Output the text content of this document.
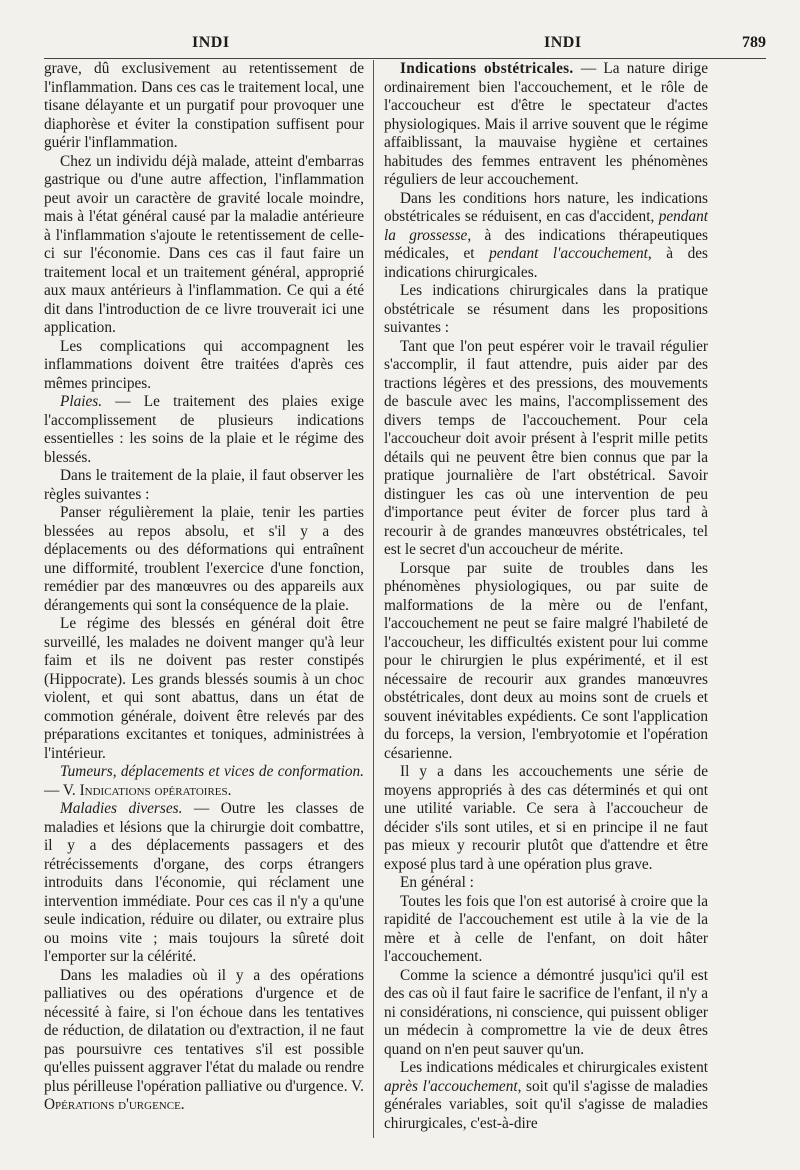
INDI	INDI	789

grave, dû exclusivement au retentissement de l'inflammation. Dans ces cas le traitement local, une tisane délayante et un purgatif pour provoquer une diaphorèse et éviter la constipation suffisent pour guérir l'inflammation.

Chez un individu déjà malade, atteint d'embarras gastrique ou d'une autre affection, l'inflammation peut avoir un caractère de gravité locale moindre, mais à l'état général causé par la maladie antérieure à l'inflammation s'ajoute le retentissement de celle-ci sur l'économie. Dans ces cas il faut faire un traitement local et un traitement général, approprié aux maux antérieurs à l'inflammation. Ce qui a été dit dans l'introduction de ce livre trouverait ici une application.

Les complications qui accompagnent les inflammations doivent être traitées d'après ces mêmes principes.

Plaies. — Le traitement des plaies exige l'accomplissement de plusieurs indications essentielles : les soins de la plaie et le régime des blessés.

Dans le traitement de la plaie, il faut observer les règles suivantes :

Panser régulièrement la plaie, tenir les parties blessées au repos absolu, et s'il y a des déplacements ou des déformations qui entraînent une difformité, troublent l'exercice d'une fonction, remédier par des manœuvres ou des appareils aux dérangements qui sont la conséquence de la plaie.

Le régime des blessés en général doit être surveillé, les malades ne doivent manger qu'à leur faim et ils ne doivent pas rester constipés (Hippocrate). Les grands blessés soumis à un choc violent, et qui sont abattus, dans un état de commotion générale, doivent être relevés par des préparations excitantes et toniques, administrées à l'intérieur.

Tumeurs, déplacements et vices de conformation. — V. Indications opératoires.

Maladies diverses. — Outre les classes de maladies et lésions que la chirurgie doit combattre, il y a des déplacements passagers et des rétrécissements d'organe, des corps étrangers introduits dans l'économie, qui réclament une intervention immédiate. Pour ces cas il n'y a qu'une seule indication, réduire ou dilater, ou extraire plus ou moins vite ; mais toujours la sûreté doit l'emporter sur la célérité.

Dans les maladies où il y a des opérations palliatives ou des opérations d'urgence et de nécessité à faire, si l'on échoue dans les tentatives de réduction, de dilatation ou d'extraction, il ne faut pas poursuivre ces tentatives s'il est possible qu'elles puissent aggraver l'état du malade ou rendre plus périlleuse l'opération palliative ou d'urgence. V. Opérations d'urgence.

Indications obstétricales. — La nature dirige ordinairement bien l'accouchement, et le rôle de l'accoucheur est d'être le spectateur d'actes physiologiques. Mais il arrive souvent que le régime affaiblissant, la mauvaise hygiène et certaines habitudes des femmes entravent les phénomènes réguliers de leur accouchement.

Dans les conditions hors nature, les indications obstétricales se réduisent, en cas d'accident, pendant la grossesse, à des indications thérapeutiques médicales, et pendant l'accouchement, à des indications chirurgicales.

Les indications chirurgicales dans la pratique obstétricale se résument dans les propositions suivantes :

Tant que l'on peut espérer voir le travail régulier s'accomplir, il faut attendre, puis aider par des tractions légères et des pressions, des mouvements de bascule avec les mains, l'accomplissement des divers temps de l'accouchement. Pour cela l'accoucheur doit avoir présent à l'esprit mille petits détails qui ne peuvent être bien connus que par la pratique journalière de l'art obstétrical. Savoir distinguer les cas où une intervention de peu d'importance peut éviter de forcer plus tard à recourir à de grandes manœuvres obstétricales, tel est le secret d'un accoucheur de mérite.

Lorsque par suite de troubles dans les phénomènes physiologiques, ou par suite de malformations de la mère ou de l'enfant, l'accouchement ne peut se faire malgré l'habileté de l'accoucheur, les difficultés existent pour lui comme pour le chirurgien le plus expérimenté, et il est nécessaire de recourir aux grandes manœuvres obstétricales, dont deux au moins sont de cruels et souvent inévitables expédients. Ce sont l'application du forceps, la version, l'embryotomie et l'opération césarienne.

Il y a dans les accouchements une série de moyens appropriés à des cas déterminés et qui ont une utilité variable. Ce sera à l'accoucheur de décider s'ils sont utiles, et si en principe il ne faut pas mieux y recourir plutôt que d'attendre et être exposé plus tard à une opération plus grave.

En général :

Toutes les fois que l'on est autorisé à croire que la rapidité de l'accouchement est utile à la vie de la mère et à celle de l'enfant, on doit hâter l'accouchement.

Comme la science a démontré jusqu'ici qu'il est des cas où il faut faire le sacrifice de l'enfant, il n'y a ni considérations, ni conscience, qui puissent obliger un médecin à compromettre la vie de deux êtres quand on n'en peut sauver qu'un.

Les indications médicales et chirurgicales existent après l'accouchement, soit qu'il s'agisse de maladies générales variables, soit qu'il s'agisse de maladies chirurgicales, c'est-à-dire
